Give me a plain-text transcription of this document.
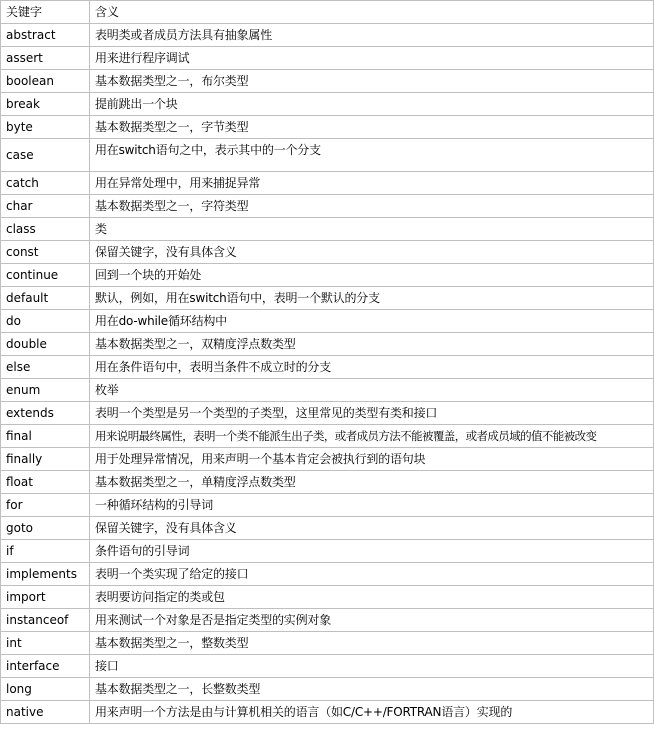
关键字	含义
abstract	表明类或者成员方法具有抽象属性
assert	用来进行程序调试
boolean	基本数据类型之一，布尔类型
break	提前跳出一个块
byte	基本数据类型之一，字节类型
case	用在switch语句之中，表示其中的一个分支
catch	用在异常处理中，用来捕捉异常
char	基本数据类型之一，字符类型
class	类
const	保留关键字，没有具体含义
continue	回到一个块的开始处
default	默认，例如，用在switch语句中，表明一个默认的分支
do	用在do-while循环结构中
double	基本数据类型之一，双精度浮点数类型
else	用在条件语句中，表明当条件不成立时的分支
enum	枚举
extends	表明一个类型是另一个类型的子类型，这里常见的类型有类和接口
final	用来说明最终属性，表明一个类不能派生出子类，或者成员方法不能被覆盖，或者成员域的值不能被改变
finally	用于处理异常情况，用来声明一个基本肯定会被执行到的语句块
float	基本数据类型之一，单精度浮点数类型
for	一种循环结构的引导词
goto	保留关键字，没有具体含义
if	条件语句的引导词
implements	表明一个类实现了给定的接口
import	表明要访问指定的类或包
instanceof	用来测试一个对象是否是指定类型的实例对象
int	基本数据类型之一，整数类型
interface	接口
long	基本数据类型之一，长整数类型
native	用来声明一个方法是由与计算机相关的语言（如C/C++/FORTRAN语言）实现的
